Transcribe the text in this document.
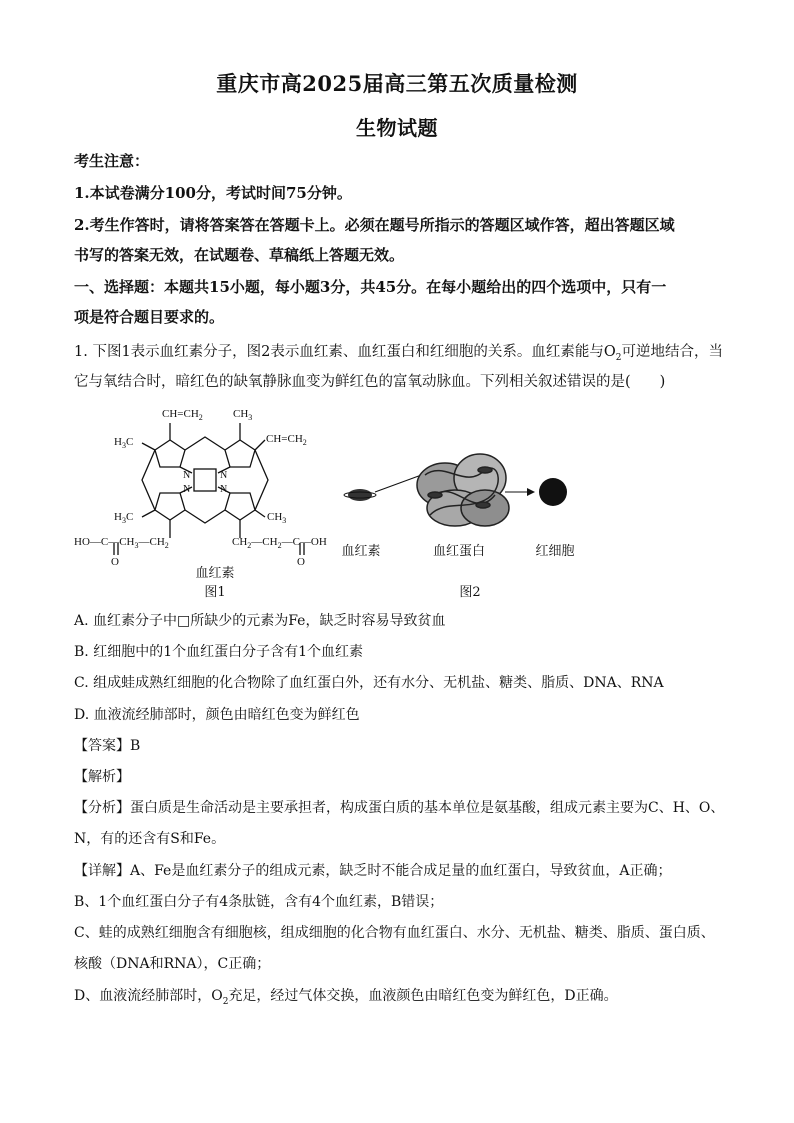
重庆市高2025届高三第五次质量检测
生物试题
考生注意：
1.本试卷满分100分，考试时间75分钟。
2.考生作答时，请将答案答在答题卡上。必须在题号所指示的答题区域作答，超出答题区域
书写的答案无效，在试题卷、草稿纸上答题无效。
一、选择题：本题共15小题，每小题3分，共45分。在每小题给出的四个选项中，只有一
项是符合题目要求的。
1. 下图1表示血红素分子，图2表示血红素、血红蛋白和红细胞的关系。血红素能与$O_2$可逆地结合，当
它与氧结合时，暗红色的缺氧静脉血变为鲜红色的富氧动脉血。下列相关叙述错误的是(　　)
$CH=CH_2$	$CH_3$
$CH=CH_2$
$H_3C$
$H_3C$	$CH_3$
N	N
N	N
$HO—C—CH_3—CH_2$	$CH_2—CH_2—C—OH$
O	O
血红素
图1
血红素	血红蛋白	红细胞
图2
A. 血红素分子中□所缺少的元素为Fe，缺乏时容易导致贫血
B. 红细胞中的1个血红蛋白分子含有1个血红素
C. 组成蛙成熟红细胞的化合物除了血红蛋白外，还有水分、无机盐、糖类、脂质、DNA、RNA
D. 血液流经肺部时，颜色由暗红色变为鲜红色
【答案】B
【解析】
【分析】蛋白质是生命活动是主要承担者，构成蛋白质的基本单位是氨基酸，组成元素主要为C、H、O、
N，有的还含有S和Fe。
【详解】A、Fe是血红素分子的组成元素，缺乏时不能合成足量的血红蛋白，导致贫血，A正确；
B、1个血红蛋白分子有4条肽链，含有4个血红素，B错误；
C、蛙的成熟红细胞含有细胞核，组成细胞的化合物有血红蛋白、水分、无机盐、糖类、脂质、蛋白质、
核酸（DNA和RNA），C正确；
D、血液流经肺部时，$O_2$充足，经过气体交换，血液颜色由暗红色变为鲜红色，D正确。
